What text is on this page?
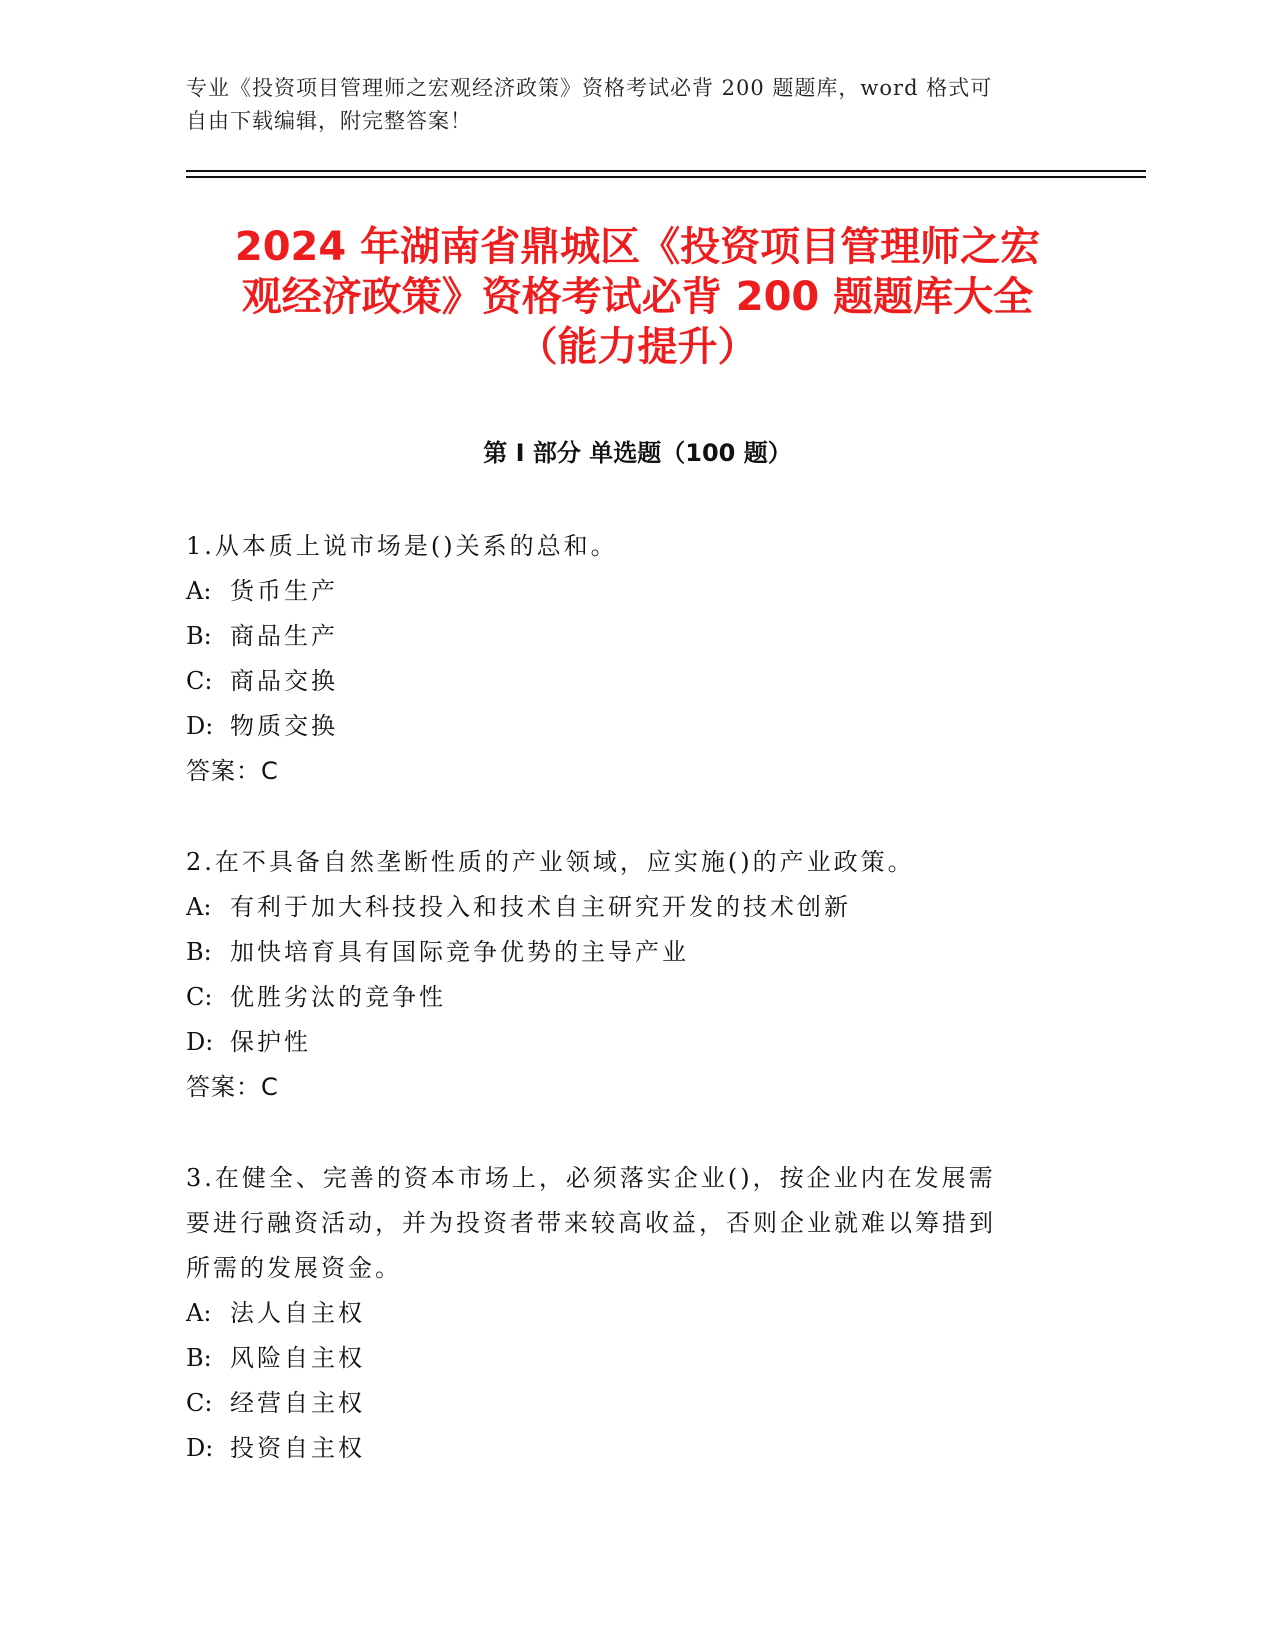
专业《投资项目管理师之宏观经济政策》资格考试必背 200 题题库，word 格式可
自由下载编辑，附完整答案！
2024 年湖南省鼎城区《投资项目管理师之宏
观经济政策》资格考试必背 200 题题库大全
（能力提升）
第 I 部分 单选题（100 题）
1.从本质上说市场是()关系的总和。
A: 货币生产
B: 商品生产
C: 商品交换
D: 物质交换
答案：C
2.在不具备自然垄断性质的产业领域，应实施()的产业政策。
A: 有利于加大科技投入和技术自主研究开发的技术创新
B: 加快培育具有国际竞争优势的主导产业
C: 优胜劣汰的竞争性
D: 保护性
答案：C
3.在健全、完善的资本市场上，必须落实企业()，按企业内在发展需
要进行融资活动，并为投资者带来较高收益，否则企业就难以筹措到
所需的发展资金。
A: 法人自主权
B: 风险自主权
C: 经营自主权
D: 投资自主权
